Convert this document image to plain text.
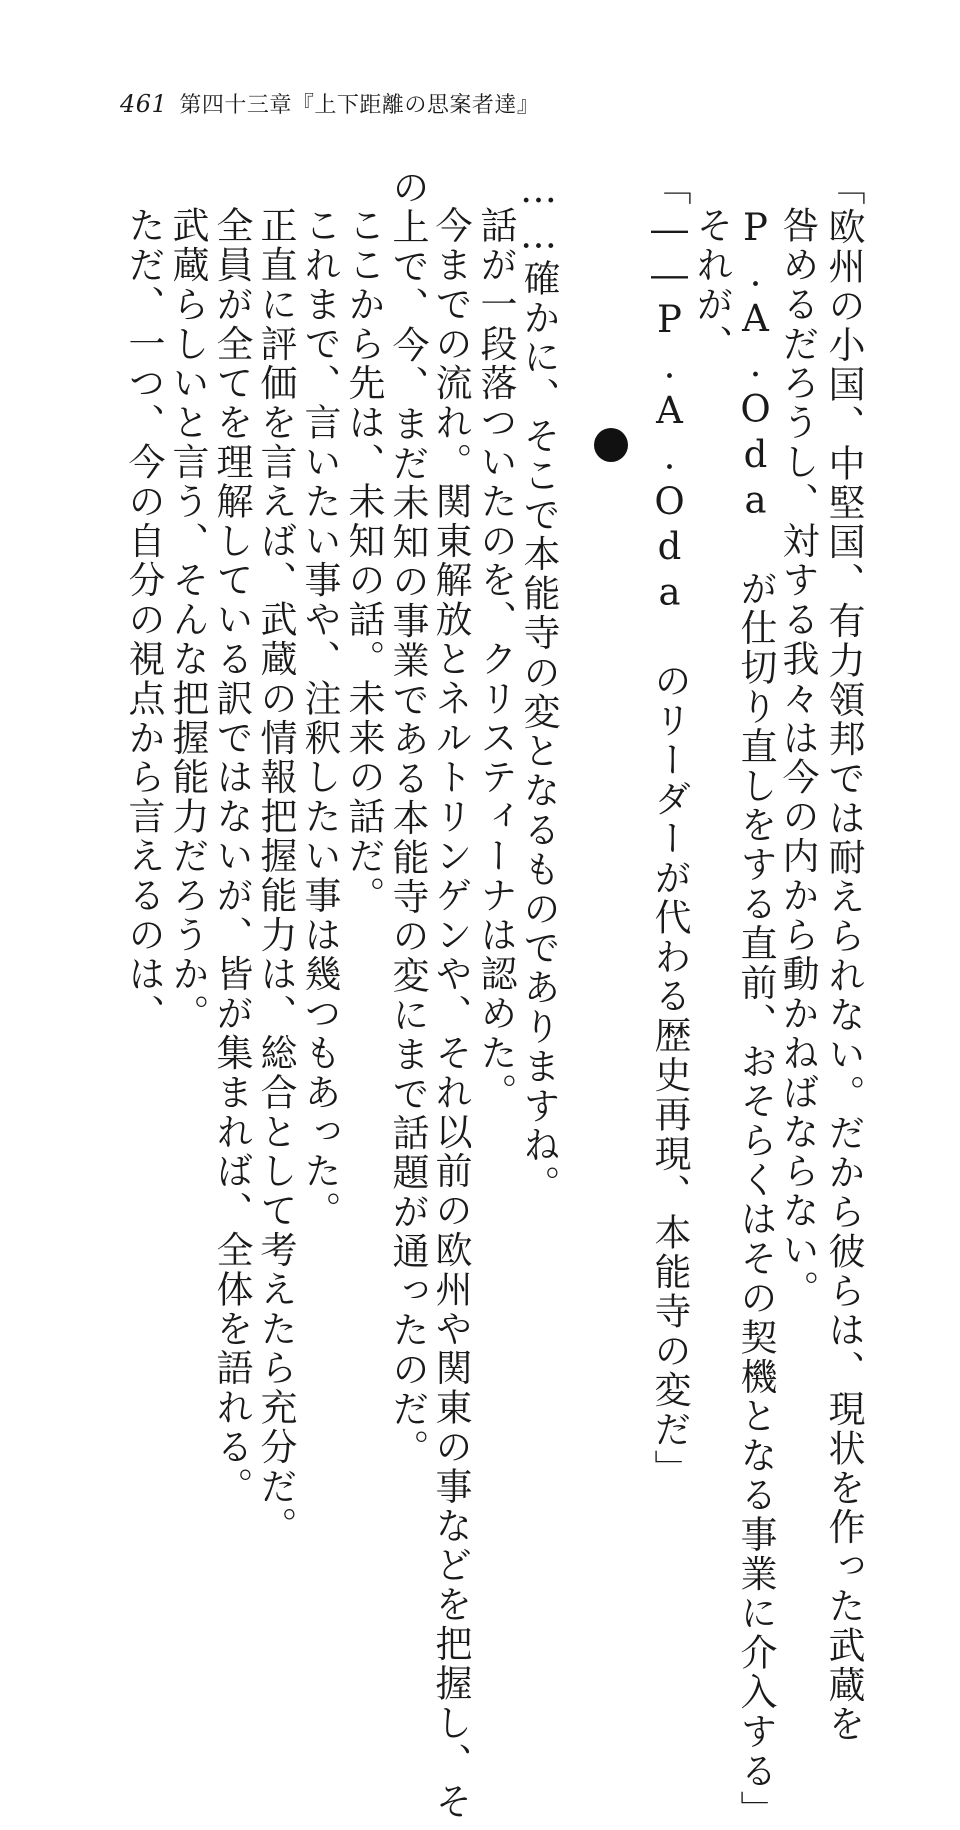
461 第四十三章『上下距離の思案者達』
「欧州の小国、中堅国、有力領邦では耐えられない。だから彼らは、現状を作った武蔵を
咎めるだろうし、対する我々は今の内から動かねばならない。
P.A.Oda が仕切り直しをする直前、おそらくはその契機となる事業に介入する」
それが、
「――P.A.Oda のリーダーが代わる歴史再現、本能寺の変だ」
……確かに、そこで本能寺の変となるものでありますね。
話が一段落ついたのを、クリスティーナは認めた。
今までの流れ。関東解放とネルトリンゲンや、それ以前の欧州や関東の事などを把握し、そ
の上で、今、まだ未知の事業である本能寺の変にまで話題が通ったのだ。
ここから先は、未知の話。未来の話だ。
これまで、言いたい事や、注釈したい事は幾つもあった。
正直に評価を言えば、武蔵の情報把握能力は、総合として考えたら充分だ。
全員が全てを理解している訳ではないが、皆が集まれば、全体を語れる。
武蔵らしいと言う、そんな把握能力だろうか。
ただ、一つ、今の自分の視点から言えるのは、
